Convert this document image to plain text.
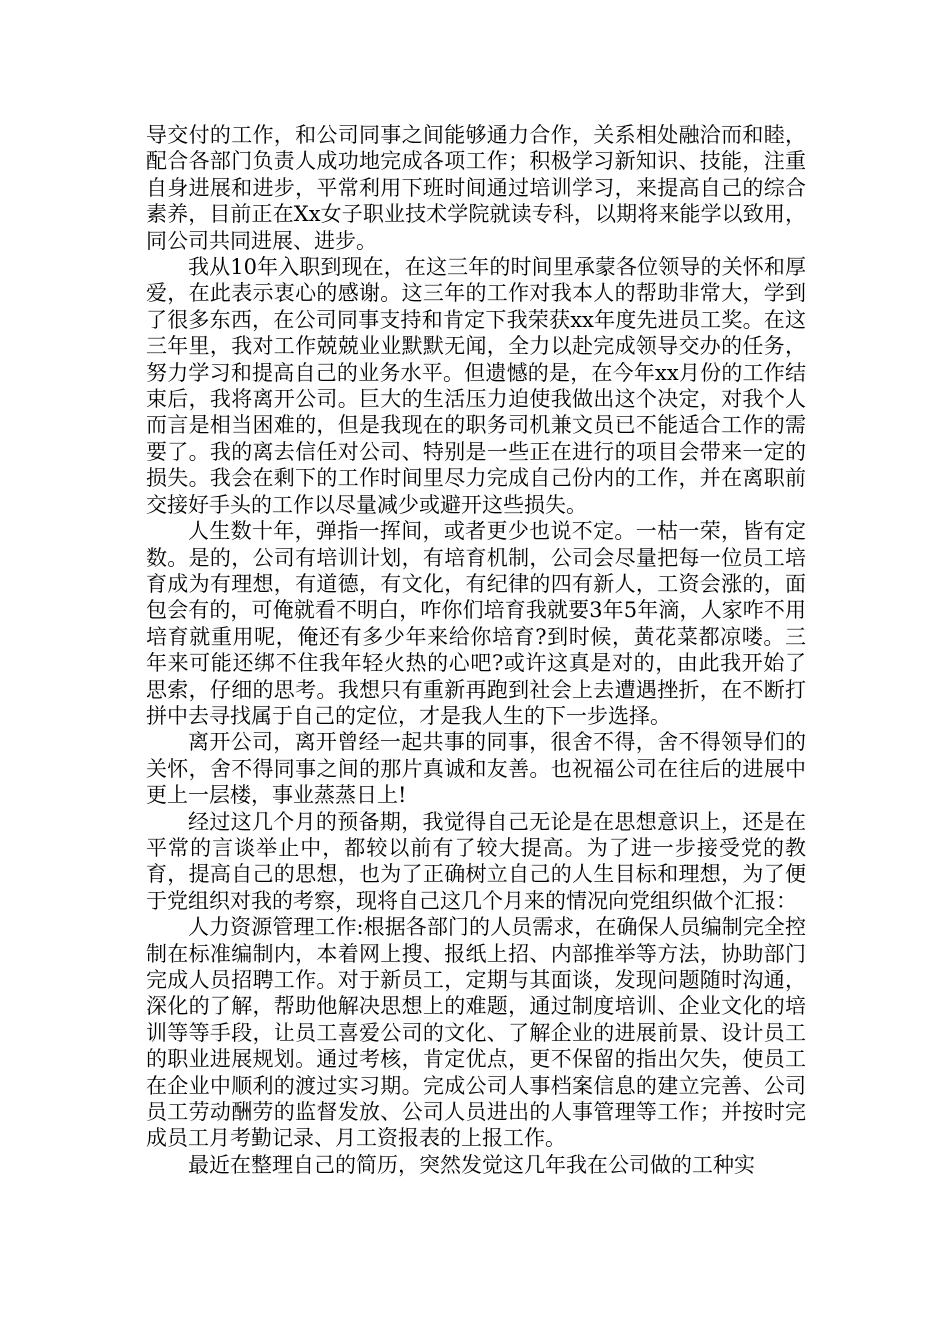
导交付的工作，和公司同事之间能够通力合作，关系相处融洽而和睦，配合各部门负责人成功地完成各项工作；积极学习新知识、技能，注重自身进展和进步，平常利用下班时间通过培训学习，来提高自己的综合素养，目前正在Xx女子职业技术学院就读专科，以期将来能学以致用，同公司共同进展、进步。

我从10年入职到现在，在这三年的时间里承蒙各位领导的关怀和厚爱，在此表示衷心的感谢。这三年的工作对我本人的帮助非常大，学到了很多东西，在公司同事支持和肯定下我荣获xx年度先进员工奖。在这三年里，我对工作兢兢业业默默无闻，全力以赴完成领导交办的任务，努力学习和提高自己的业务水平。但遗憾的是，在今年xx月份的工作结束后，我将离开公司。巨大的生活压力迫使我做出这个决定，对我个人而言是相当困难的，但是我现在的职务司机兼文员已不能适合工作的需要了。我的离去信任对公司、特别是一些正在进行的项目会带来一定的损失。我会在剩下的工作时间里尽力完成自己份内的工作，并在离职前交接好手头的工作以尽量减少或避开这些损失。

人生数十年，弹指一挥间，或者更少也说不定。一枯一荣，皆有定数。是的，公司有培训计划，有培育机制，公司会尽量把每一位员工培育成为有理想，有道德，有文化，有纪律的四有新人，工资会涨的，面包会有的，可俺就看不明白，咋你们培育我就要3年5年滴，人家咋不用培育就重用呢，俺还有多少年来给你培育?到时候，黄花菜都凉喽。三年来可能还绑不住我年轻火热的心吧?或许这真是对的，由此我开始了思索，仔细的思考。我想只有重新再跑到社会上去遭遇挫折，在不断打拼中去寻找属于自己的定位，才是我人生的下一步选择。

离开公司，离开曾经一起共事的同事，很舍不得，舍不得领导们的关怀，舍不得同事之间的那片真诚和友善。也祝福公司在往后的进展中更上一层楼，事业蒸蒸日上!

经过这几个月的预备期，我觉得自己无论是在思想意识上，还是在平常的言谈举止中，都较以前有了较大提高。为了进一步接受党的教育，提高自己的思想，也为了正确树立自己的人生目标和理想，为了便于党组织对我的考察，现将自己这几个月来的情况向党组织做个汇报：

人力资源管理工作:根据各部门的人员需求，在确保人员编制完全控制在标准编制内，本着网上搜、报纸上招、内部推举等方法，协助部门完成人员招聘工作。对于新员工，定期与其面谈，发现问题随时沟通，深化的了解，帮助他解决思想上的难题，通过制度培训、企业文化的培训等等手段，让员工喜爱公司的文化、了解企业的进展前景、设计员工的职业进展规划。通过考核，肯定优点，更不保留的指出欠失，使员工在企业中顺利的渡过实习期。完成公司人事档案信息的建立完善、公司员工劳动酬劳的监督发放、公司人员进出的人事管理等工作；并按时完成员工月考勤记录、月工资报表的上报工作。

最近在整理自己的简历，突然发觉这几年我在公司做的工种实
